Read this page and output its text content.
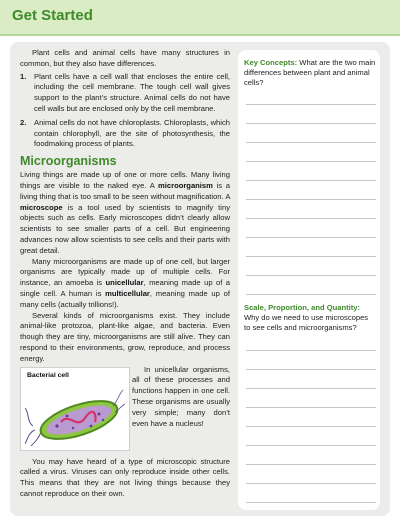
Get Started

Plant cells and animal cells have many structures in common, but they also have differences.

1. Plant cells have a cell wall that encloses the entire cell, including the cell membrane. The tough cell wall gives support to the plant’s structure. Animal cells do not have cell walls but are enclosed only by the cell membrane.
2. Animal cells do not have chloroplasts. Chloroplasts, which contain chlorophyll, are the site of photosynthesis, the foodmaking process of plants.
Microorganisms

Living things are made up of one or more cells. Many living things are visible to the naked eye. A microorganism is a living thing that is too small to be seen without magnification. A microscope is a tool used by scientists to magnify tiny objects such as cells. Early microscopes didn’t clearly allow scientists to see smaller parts of a cell. But engineering advances now allow scientists to see cells and their parts with great detail.

Many microorganisms are made up of one cell, but larger organisms are typically made up of multiple cells. For instance, an amoeba is unicellular, meaning made up of a single cell. A human is multicellular, meaning made up of many cells (actually trillions!).

Several kinds of microorganisms exist. They include animal-like protozoa, plant-like algae, and bacteria. Even though they are tiny, microorganisms are still alive. They can respond to their environments, grow, reproduce, and process energy.

Bacterial cell
In unicellular organisms, all of these processes and functions happen in one cell. These organisms are usually very simple; many don’t even have a nucleus!

You may have heard of a type of microscopic structure called a virus. Viruses can only reproduce inside other cells. This means that they are not living things because they cannot reproduce on their own.

Key Concepts: What are the two main differences between plant and animal cells?
Scale, Proportion, and Quantity: Why do we need to use microscopes to see cells and microorganisms?
